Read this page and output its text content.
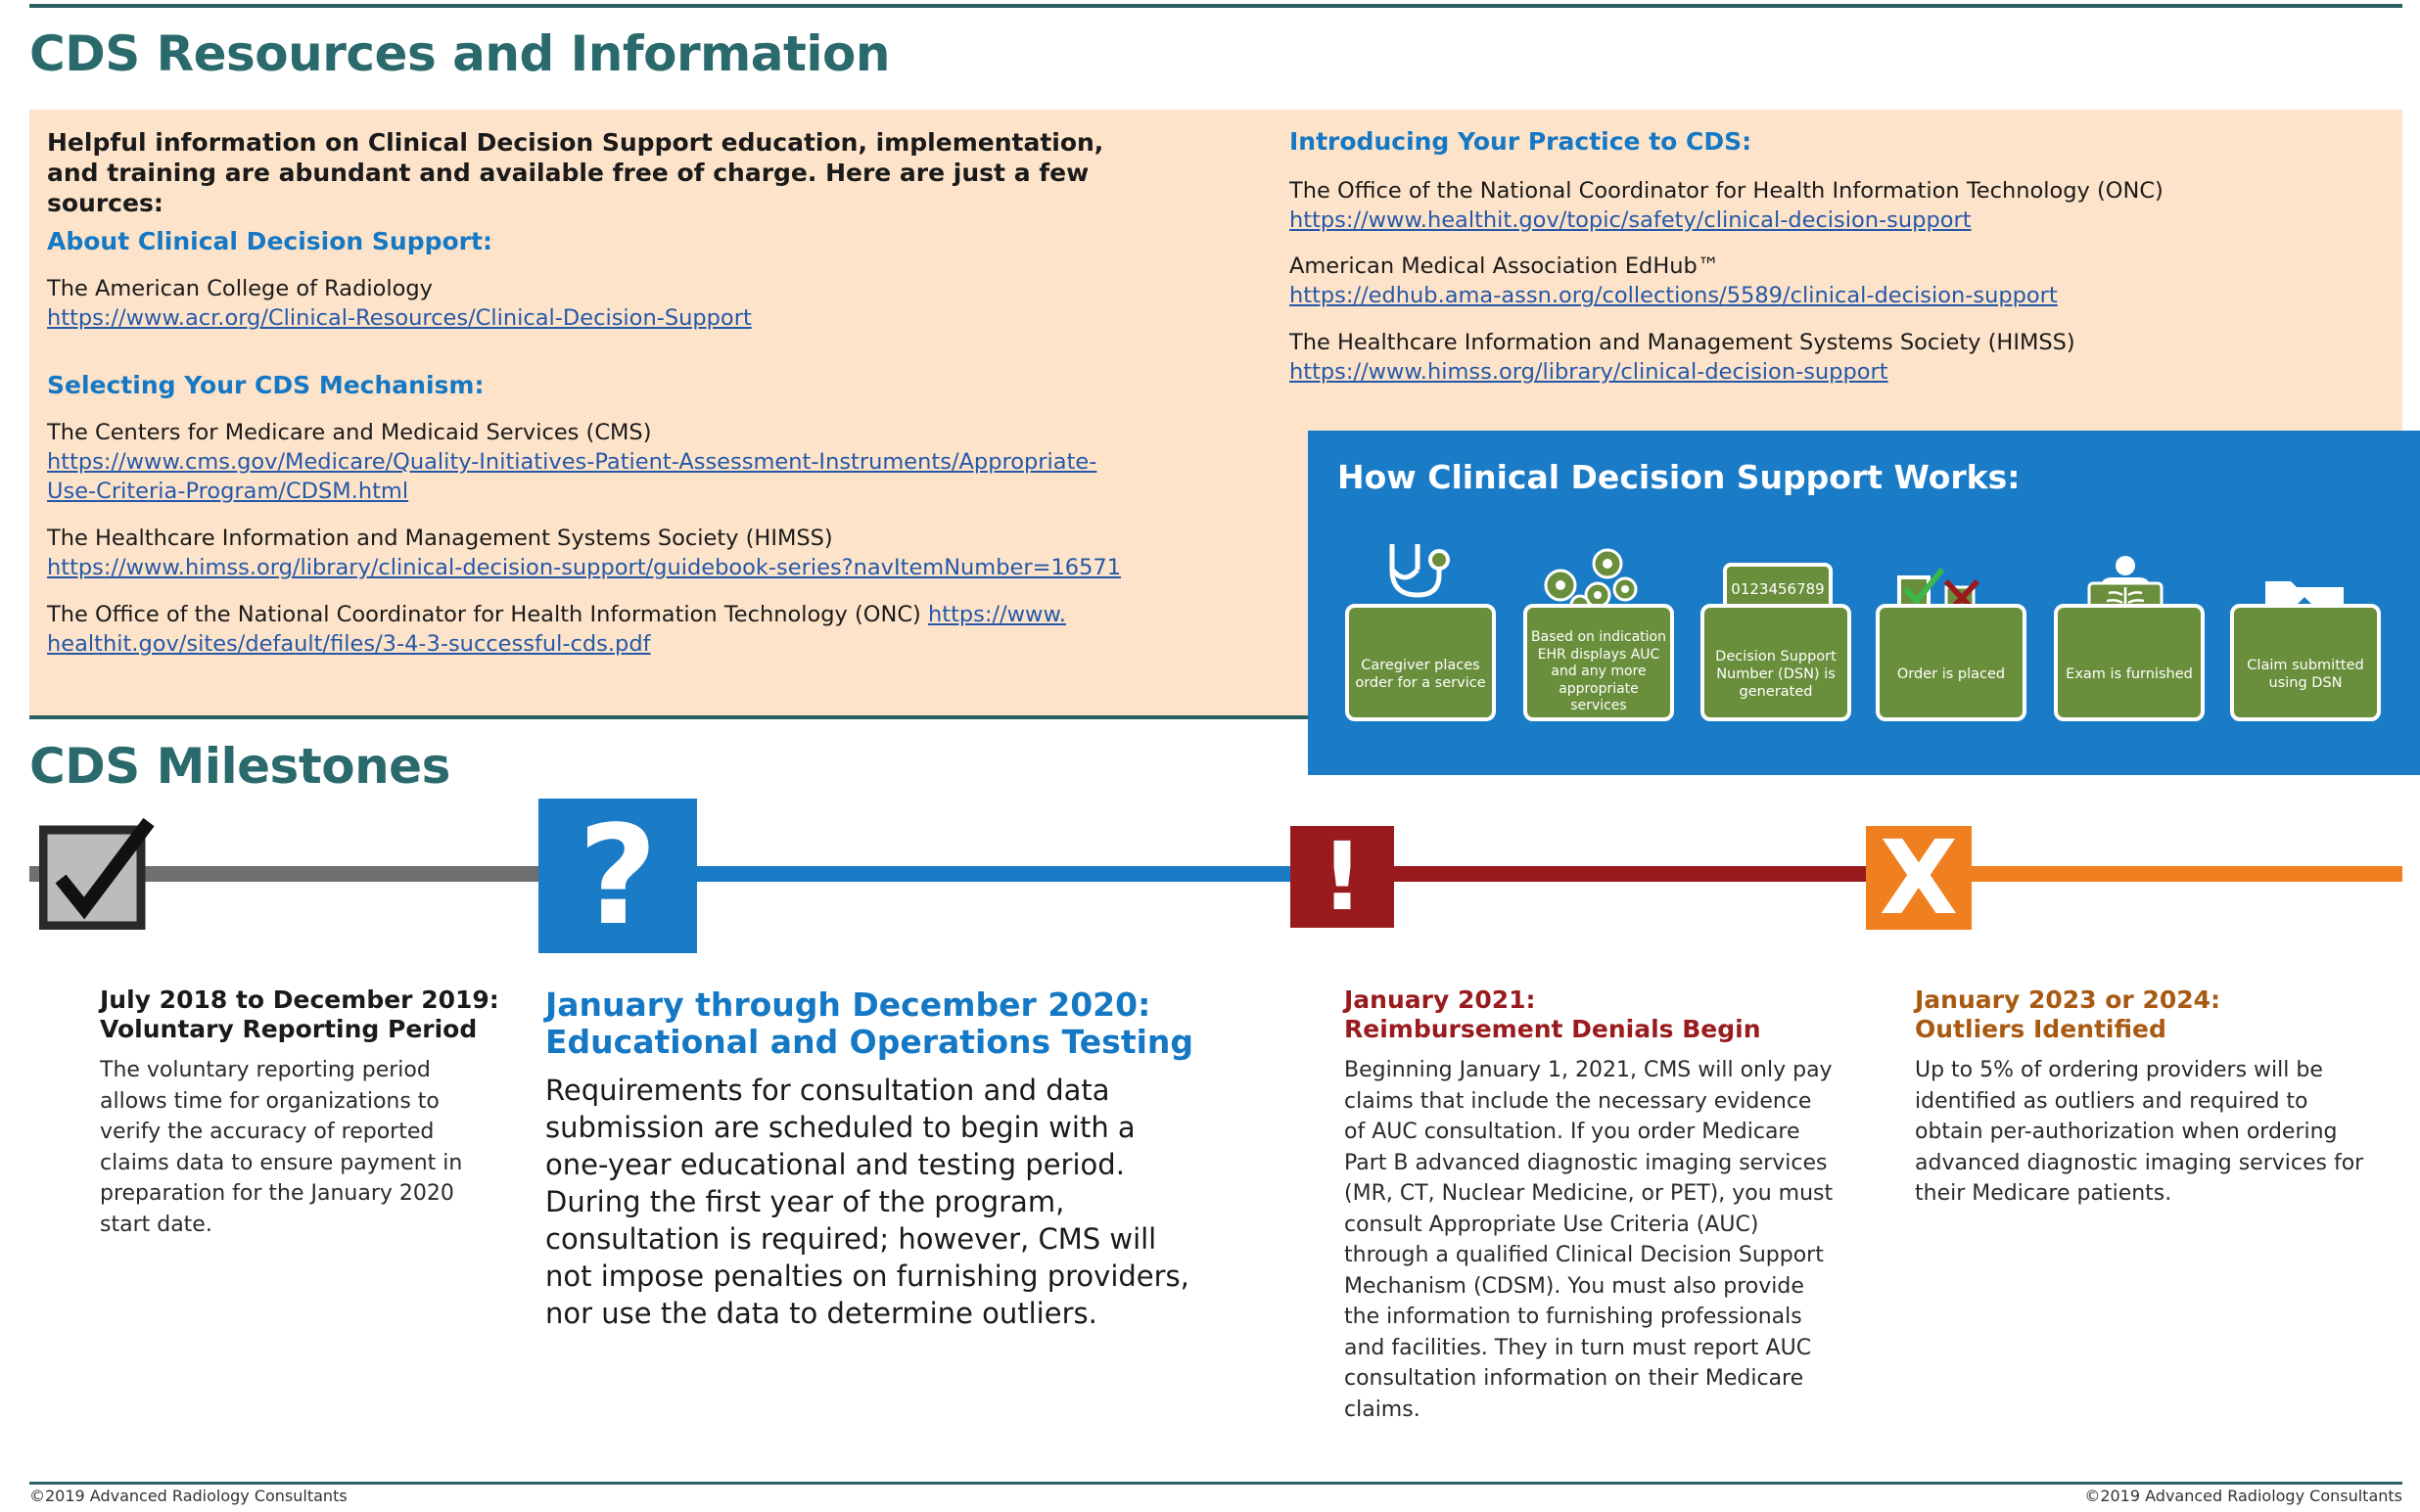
CDS Resources and Information
Helpful information on Clinical Decision Support education, implementation, and training are abundant and available free of charge. Here are just a few sources:
About Clinical Decision Support:
The American College of Radiology
https://www.acr.org/Clinical-Resources/Clinical-Decision-Support
Selecting Your CDS Mechanism:
The Centers for Medicare and Medicaid Services (CMS)
https://www.cms.gov/Medicare/Quality-Initiatives-Patient-Assessment-Instruments/Appropriate-
Use-Criteria-Program/CDSM.html
The Healthcare Information and Management Systems Society (HIMSS)
https://www.himss.org/library/clinical-decision-support/guidebook-series?navItemNumber=16571
The Office of the National Coordinator for Health Information Technology (ONC) https://www.
healthit.gov/sites/default/files/3-4-3-successful-cds.pdf
Introducing Your Practice to CDS:
The Office of the National Coordinator for Health Information Technology (ONC)
https://www.healthit.gov/topic/safety/clinical-decision-support
American Medical Association EdHub™
https://edhub.ama-assn.org/collections/5589/clinical-decision-support
The Healthcare Information and Management Systems Society (HIMSS)
https://www.himss.org/library/clinical-decision-support
CDS Milestones
How Clinical Decision Support Works:
0123456789
Caregiver places order for a service
Based on indication EHR displays AUC and any more appropriate services
Decision Support Number (DSN) is generated
Order is placed	Exam is furnished
Claim submitted using DSN
?	!	X
July 2018 to December 2019:
Voluntary Reporting Period
The voluntary reporting period allows time for organizations to verify the accuracy of reported claims data to ensure payment in preparation for the January 2020 start date.
January through December 2020:
Educational and Operations Testing
Requirements for consultation and data submission are scheduled to begin with a one-year educational and testing period. During the first year of the program, consultation is required; however, CMS will not impose penalties on furnishing providers, nor use the data to determine outliers.
January 2021:
Reimbursement Denials Begin
Beginning January 1, 2021, CMS will only pay claims that include the necessary evidence of AUC consultation. If you order Medicare Part B advanced diagnostic imaging services (MR, CT, Nuclear Medicine, or PET), you must consult Appropriate Use Criteria (AUC) through a qualified Clinical Decision Support Mechanism (CDSM). You must also provide the information to furnishing professionals and facilities. They in turn must report AUC consultation information on their Medicare claims.
January 2023 or 2024:
Outliers Identified
Up to 5% of ordering providers will be identified as outliers and required to obtain per-authorization when ordering advanced diagnostic imaging services for their Medicare patients.
©2019 Advanced Radiology Consultants	©2019 Advanced Radiology Consultants
